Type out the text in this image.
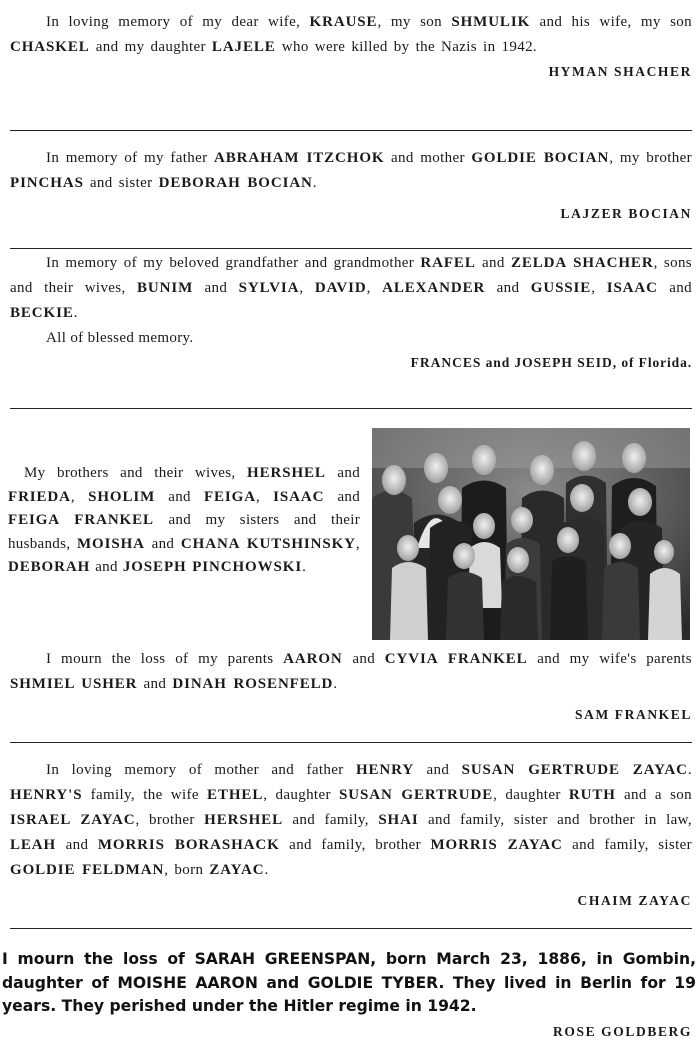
In loving memory of my dear wife, KRAUSE, my son SHMULIK and his wife, my son CHASKEL and my daughter LAJELE who were killed by the Nazis in 1942.

HYMAN SHACHER

In memory of my father ABRAHAM ITZCHOK and mother GOLDIE BOCIAN, my brother PINCHAS and sister DEBORAH BOCIAN.

LAJZER BOCIAN

In memory of my beloved grandfather and grandmother RAFEL and ZELDA SHACHER, sons and their wives, BUNIM and SYLVIA, DAVID, ALEXANDER and GUSSIE, ISAAC and BECKIE.

All of blessed memory.

FRANCES and JOSEPH SEID, of Florida.

My brothers and their wives, HERSHEL and FRIEDA, SHOLIM and FEIGA, ISAAC and FEIGA FRANKEL and my sisters and their husbands, MOISHA and CHANA KUTSHINSKY, DEBORAH and JOSEPH PINCHOWSKI.

I mourn the loss of my parents AARON and CYVIA FRANKEL and my wife's parents SHMIEL USHER and DINAH ROSENFELD.

SAM FRANKEL

In loving memory of mother and father HENRY and SUSAN GERTRUDE ZAYAC. HENRY'S family, the wife ETHEL, daughter SUSAN GERTRUDE, daughter RUTH and a son ISRAEL ZAYAC, brother HERSHEL and family, SHAI and family, sister and brother in law, LEAH and MORRIS BORASHACK and family, brother MORRIS ZAYAC and family, sister GOLDIE FELDMAN, born ZAYAC.

CHAIM ZAYAC
I mourn the loss of SARAH GREENSPAN, born March 23, 1886, in Gombin, daughter of MOISHE AARON and GOLDIE TYBER. They lived in Berlin for 19 years. They perished under the Hitler regime in 1942.
ROSE GOLDBERG
